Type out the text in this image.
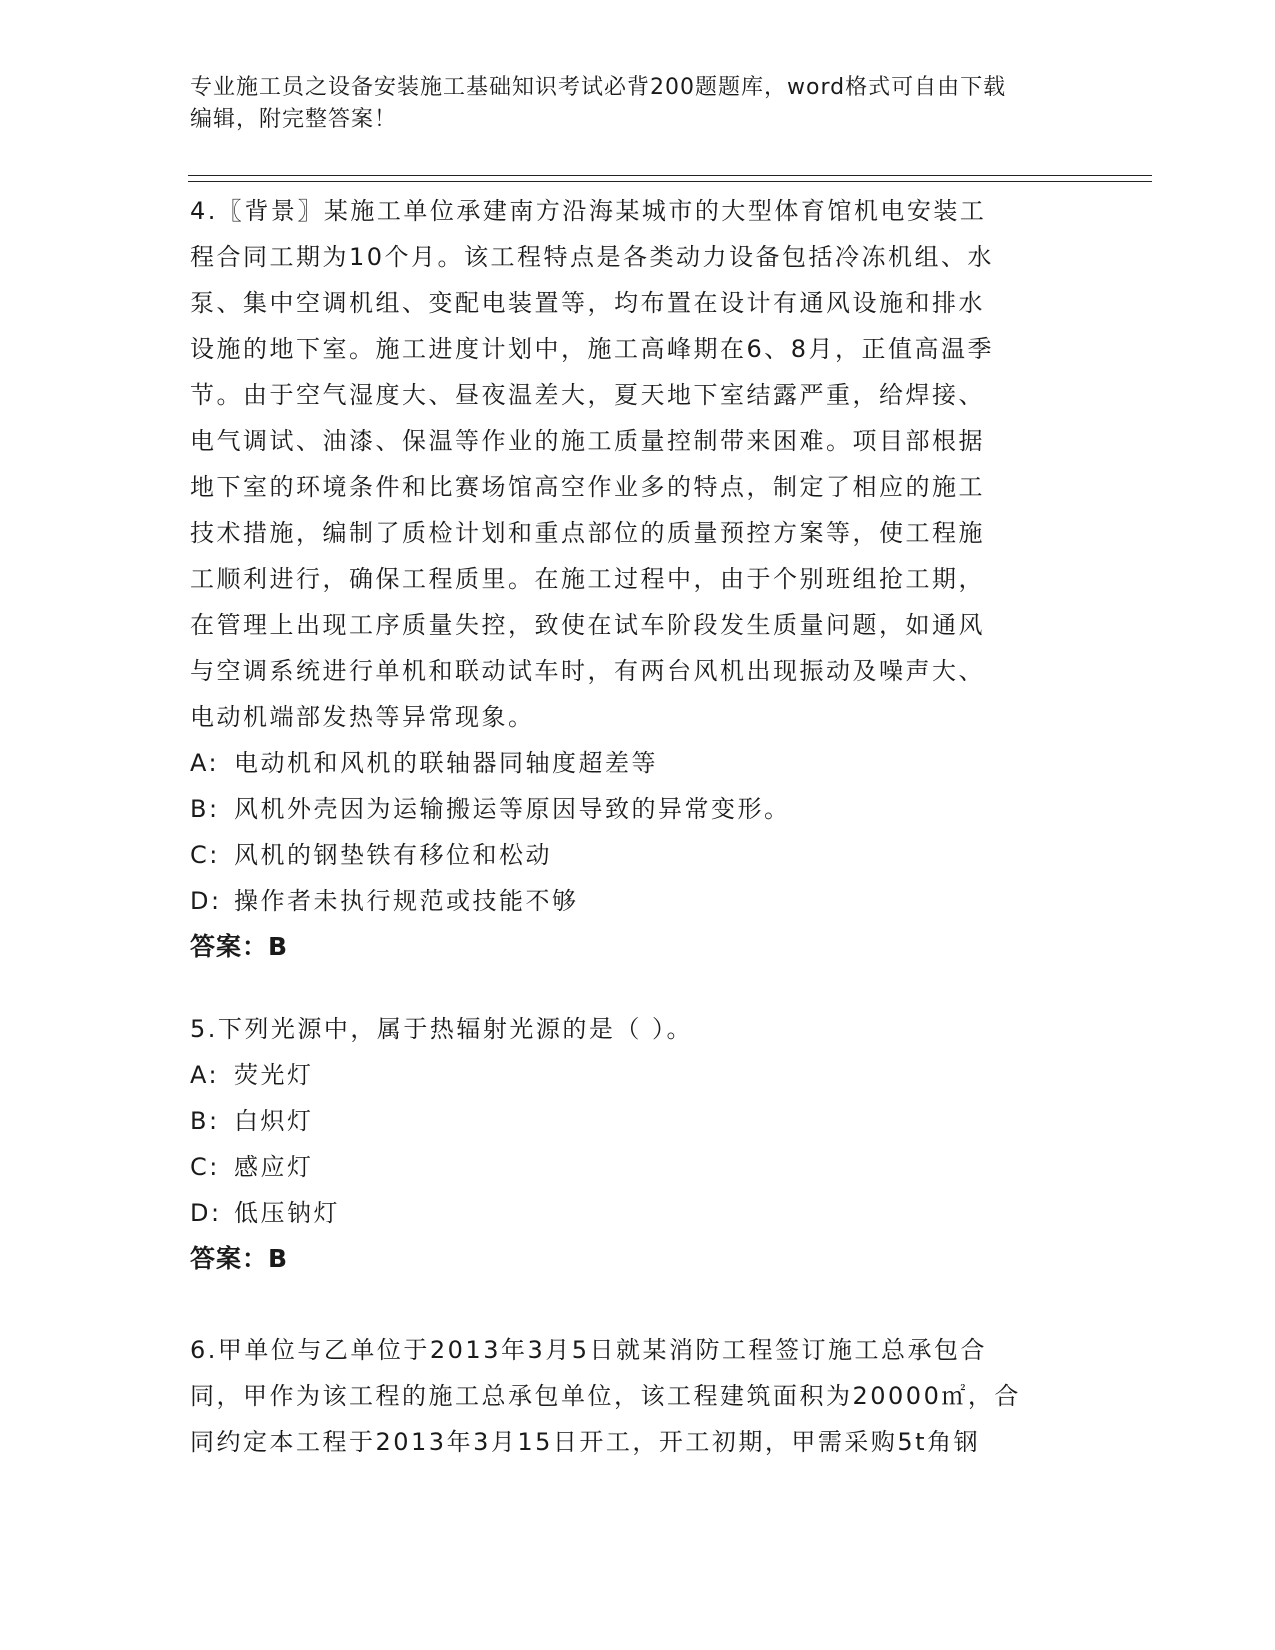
专业施工员之设备安装施工基础知识考试必背200题题库，word格式可自由下载
编辑，附完整答案！
4.〖背景〗某施工单位承建南方沿海某城市的大型体育馆机电安装工
程合同工期为10个月。该工程特点是各类动力设备包括冷冻机组、水
泵、集中空调机组、变配电装置等，均布置在设计有通风设施和排水
设施的地下室。施工进度计划中，施工高峰期在6、8月，正值高温季
节。由于空气湿度大、昼夜温差大，夏天地下室结露严重，给焊接、
电气调试、油漆、保温等作业的施工质量控制带来困难。项目部根据
地下室的环境条件和比赛场馆高空作业多的特点，制定了相应的施工
技术措施，编制了质检计划和重点部位的质量预控方案等，使工程施
工顺利进行，确保工程质里。在施工过程中，由于个别班组抢工期，
在管理上出现工序质量失控，致使在试车阶段发生质量问题，如通风
与空调系统进行单机和联动试车时，有两台风机出现振动及噪声大、
电动机端部发热等异常现象。
A: 电动机和风机的联轴器同轴度超差等
B: 风机外壳因为运输搬运等原因导致的异常变形。
C: 风机的钢垫铁有移位和松动
D: 操作者未执行规范或技能不够
答案：B
5.下列光源中，属于热辐射光源的是（ ）。
A: 荧光灯
B: 白炽灯
C: 感应灯
D: 低压钠灯
答案：B
6.甲单位与乙单位于2013年3月5日就某消防工程签订施工总承包合
同，甲作为该工程的施工总承包单位，该工程建筑面积为20000㎡，合
同约定本工程于2013年3月15日开工，开工初期，甲需采购5t角钢
